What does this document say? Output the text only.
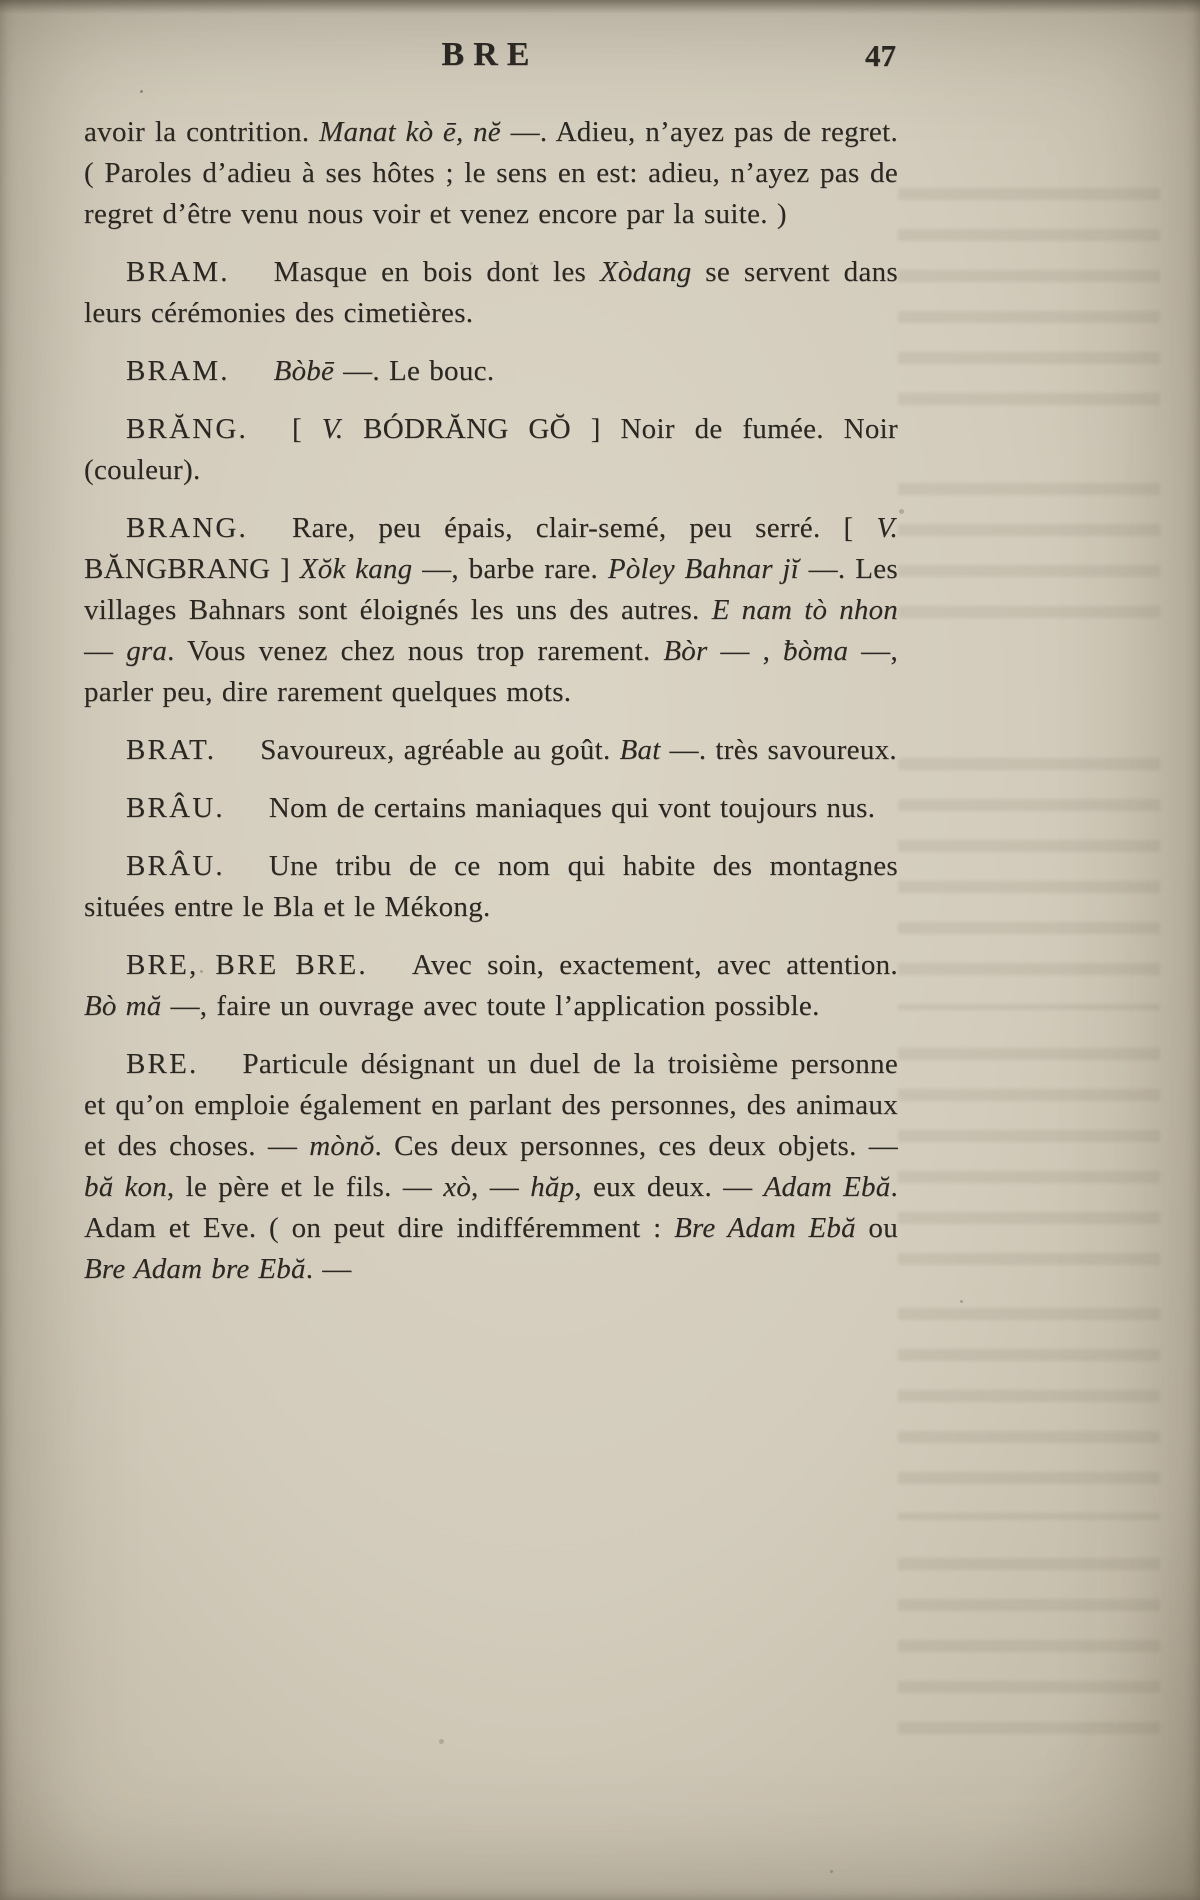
BRE	47

avoir la contrition. Manat kò ē, nĕ —. Adieu, n’ayez pas de regret. ( Paroles d’adieu à ses hôtes ; le sens en est: adieu, n’ayez pas de regret d’être venu nous voir et venez encore par la suite. )

BRAM. Masque en bois dont les Xòdang se servent dans leurs cérémonies des cimetières.

BRAM. Bòbē —. Le bouc.

BRĂNG. [ V. BÓDRĂNG GŎ ] Noir de fumée. Noir (couleur).

BRANG. Rare, peu épais, clair-semé, peu serré. [ V. BĂNGBRANG ] Xŏk kang —, barbe rare. Pòley Bahnar jĭ —. Les villages Bahnars sont éloignés les uns des autres. E nam tò nhon — gra. Vous venez chez nous trop rarement. Bòr — , ƀòma —, parler peu, dire rarement quelques mots.

BRAT. Savoureux, agréable au goût. Bat —. très savoureux.

BRÂU. Nom de certains maniaques qui vont toujours nus.

BRÂU. Une tribu de ce nom qui habite des montagnes situées entre le Bla et le Mékong.

BRE, BRE BRE. Avec soin, exactement, avec attention. Bò mă —, faire un ouvrage avec toute l’application possible.

BRE. Particule désignant un duel de la troisième personne et qu’on emploie également en parlant des personnes, des animaux et des choses. — mònŏ. Ces deux personnes, ces deux objets. — bă kon, le père et le fils. — xò, — hăp, eux deux. — Adam Ebă. Adam et Eve. ( on peut dire indifféremment : Bre Adam Ebă ou Bre Adam bre Ebă. —
